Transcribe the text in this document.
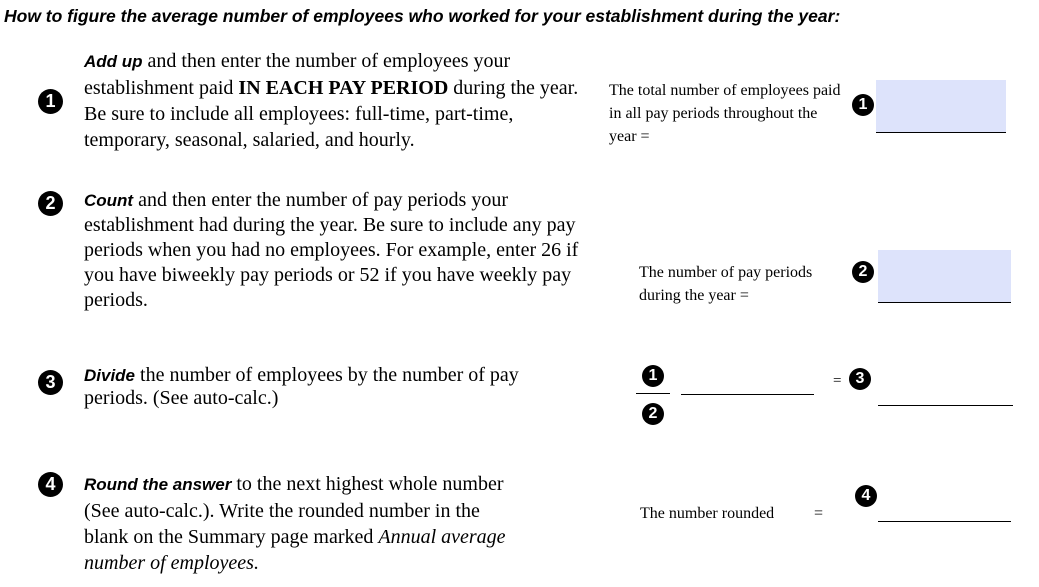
How to figure the average number of employees who worked for your establishment during the year:
1
Add up and then enter the number of employees your establishment paid IN EACH PAY PERIOD during the year. Be sure to include all employees: full-time, part-time, temporary, seasonal, salaried, and hourly.
2	Count and then enter the number of pay periods your establishment had during the year. Be sure to include any pay periods when you had no employees. For example, enter 26 if you have biweekly pay periods or 52 if you have weekly pay periods.
3	Divide the number of employees by the number of pay periods. (See auto-calc.)
4	Round the answer to the next highest whole number (See auto-calc.). Write the rounded number in the blank on the Summary page marked Annual average number of employees.
The total number of employees paid in all pay periods throughout the year =
1
The number of pay periods during the year =
2
1
2
= 3
The number rounded =
4
